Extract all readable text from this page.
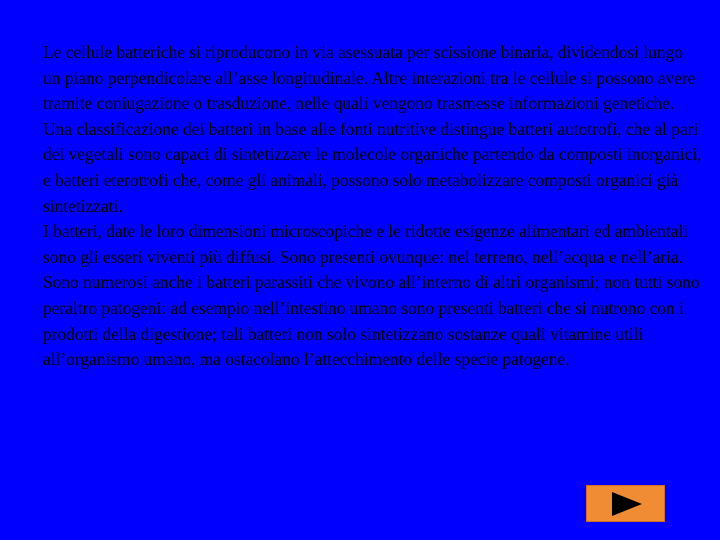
Le cellule batteriche si riproducono in via asessuata per scissione binaria, dividendosi lungo un piano perpendicolare all’asse longitudinale. Altre interazioni tra le cellule si possono avere tramite coniugazione o trasduzione, nelle quali vengono trasmesse informazioni genetiche.

Una classificazione dei batteri in base alle fonti nutritive distingue batteri autotrofi, che al pari dei vegetali sono capaci di sintetizzare le molecole organiche partendo da composti inorganici, e batteri eterotrofi che, come gli animali, possono solo metabolizzare composti organici già sintetizzati.

I batteri, date le loro dimensioni microscopiche e le ridotte esigenze alimentari ed ambientali sono gli esseri viventi più diffusi. Sono presenti ovunque: nel terreno, nell’acqua e nell’aria.

Sono numerosi anche i batteri parassiti che vivono all’interno di altri organismi; non tutti sono peraltro patogeni: ad esempio nell’intestino umano sono presenti batteri che si nutrono con i prodotti della digestione; tali batteri non solo sintetizzano sostanze quali vitamine utili all’organismo umano, ma ostacolano l’attecchimento delle specie patogene.
